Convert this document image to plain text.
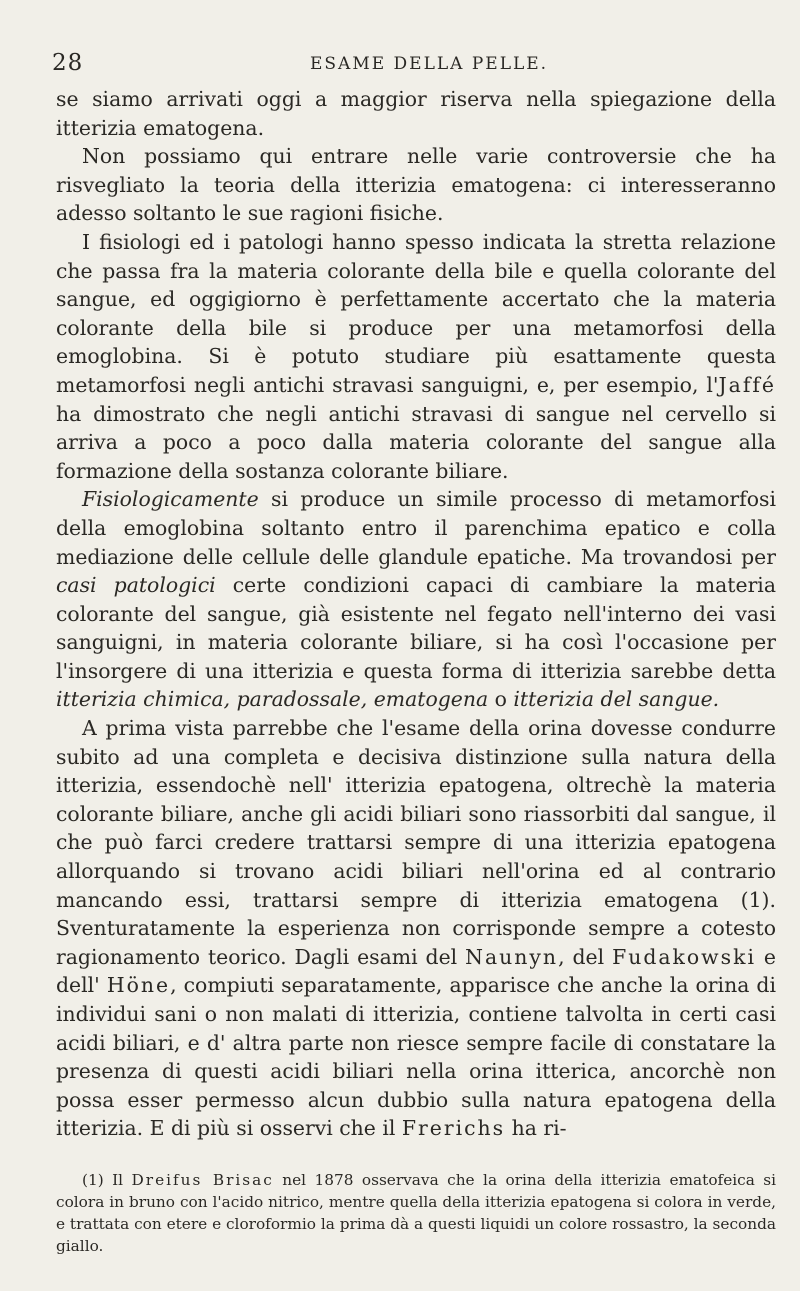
28	ESAME DELLA PELLE.

se siamo arrivati oggi a maggior riserva nella spiegazione della itterizia ematogena.

Non possiamo qui entrare nelle varie controversie che ha risvegliato la teoria della itterizia ematogena: ci interesseranno adesso soltanto le sue ragioni fisiche.

I fisiologi ed i patologi hanno spesso indicata la stretta relazione che passa fra la materia colorante della bile e quella colorante del sangue, ed oggigiorno è perfettamente accertato che la materia colorante della bile si produce per una metamorfosi della emoglobina. Si è potuto studiare più esattamente questa metamorfosi negli antichi stravasi sanguigni, e, per esempio, l'Jaffé ha dimostrato che negli antichi stravasi di sangue nel cervello si arriva a poco a poco dalla materia colorante del sangue alla formazione della sostanza colorante biliare.

Fisiologicamente si produce un simile processo di metamorfosi della emoglobina soltanto entro il parenchima epatico e colla mediazione delle cellule delle glandule epatiche. Ma trovandosi per casi patologici certe condizioni capaci di cambiare la materia colorante del sangue, già esistente nel fegato nell'interno dei vasi sanguigni, in materia colorante biliare, si ha così l'occasione per l'insorgere di una itterizia e questa forma di itterizia sarebbe detta itterizia chimica, paradossale, ematogena o itterizia del sangue.

A prima vista parrebbe che l'esame della orina dovesse condurre subito ad una completa e decisiva distinzione sulla natura della itterizia, essendochè nell' itterizia epatogena, oltrechè la materia colorante biliare, anche gli acidi biliari sono riassorbiti dal sangue, il che può farci credere trattarsi sempre di una itterizia epatogena allorquando si trovano acidi biliari nell'orina ed al contrario mancando essi, trattarsi sempre di itterizia ematogena (1). Sventuratamente la esperienza non corrisponde sempre a cotesto ragionamento teorico. Dagli esami del Naunyn, del Fudakowski e dell' Höne, compiuti separatamente, apparisce che anche la orina di individui sani o non malati di itterizia, contiene talvolta in certi casi acidi biliari, e d' altra parte non riesce sempre facile di constatare la presenza di questi acidi biliari nella orina itterica, ancorchè non possa esser permesso alcun dubbio sulla natura epatogena della itterizia. E di più si osservi che il Frerichs ha ri-

(1) Il Dreifus Brisac nel 1878 osservava che la orina della itterizia ematofeica si colora in bruno con l'acido nitrico, mentre quella della itterizia epatogena si colora in verde, e trattata con etere e cloroformio la prima dà a questi liquidi un colore rossastro, la seconda giallo.
